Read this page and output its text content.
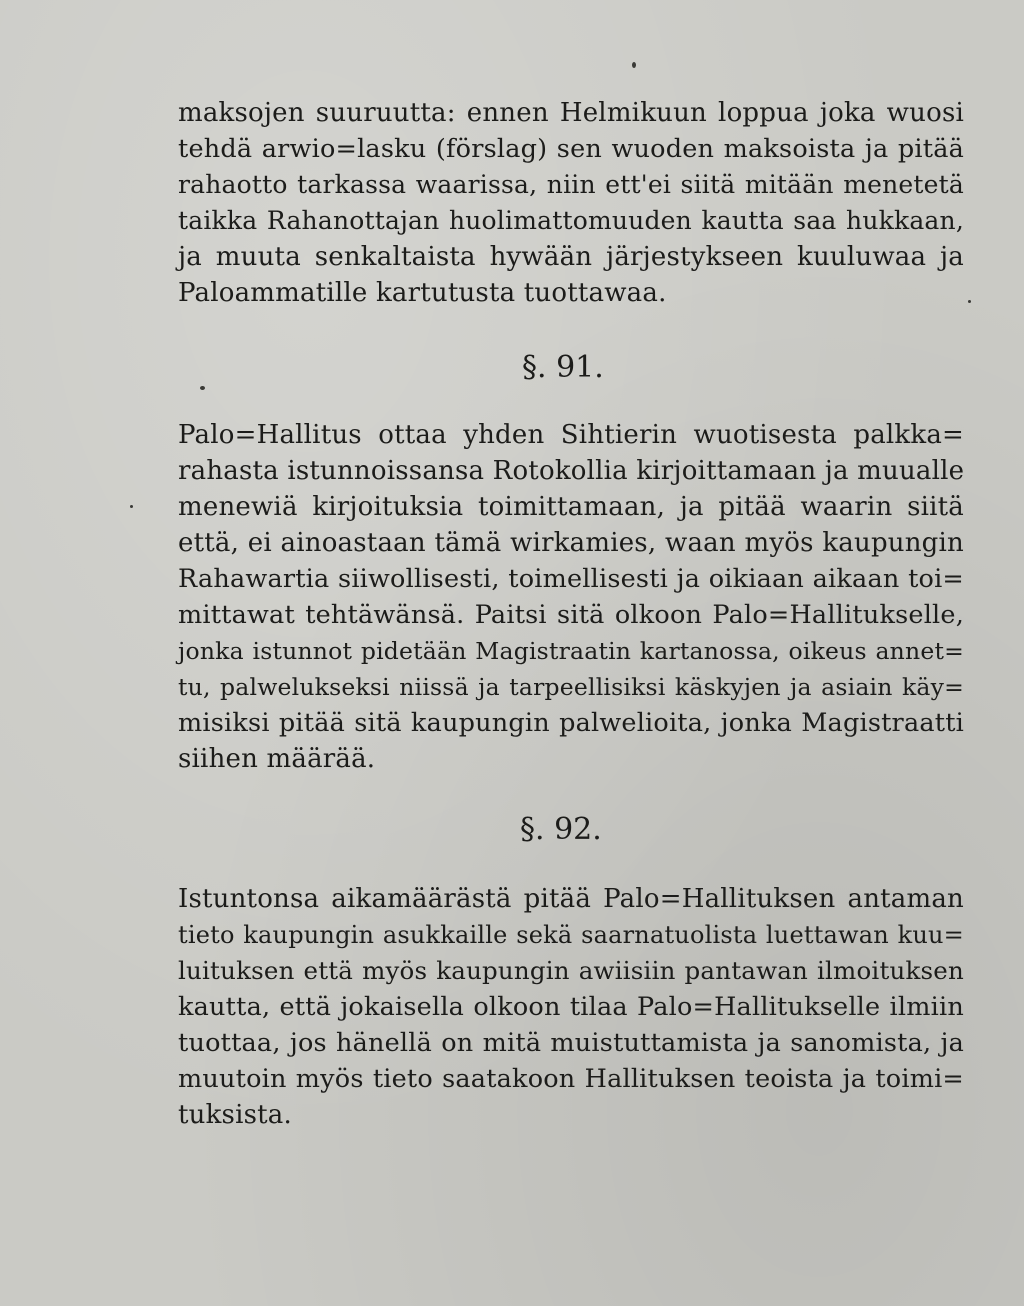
maksojen suuruutta: ennen Helmikuun loppua joka wuosi
tehdä arwio=lasku (förslag) sen wuoden maksoista ja pitää
rahaotto tarkassa waarissa, niin ett'ei siitä mitään menetetä
taikka Rahanottajan huolimattomuuden kautta saa hukkaan,
ja muuta senkaltaista hywään järjestykseen kuuluwaa ja
Paloammatille kartutusta tuottawaa.
§. 91.
Palo=Hallitus ottaa yhden Sihtierin wuotisesta palkka=
rahasta istunnoissansa Rotokollia kirjoittamaan ja muualle
menewiä kirjoituksia toimittamaan, ja pitää waarin siitä
että, ei ainoastaan tämä wirkamies, waan myös kaupungin
Rahawartia siiwollisesti, toimellisesti ja oikiaan aikaan toi=
mittawat tehtäwänsä. Paitsi sitä olkoon Palo=Hallitukselle,
jonka istunnot pidetään Magistraatin kartanossa, oikeus annet=
tu, palwelukseksi niissä ja tarpeellisiksi käskyjen ja asiain käy=
misiksi pitää sitä kaupungin palwelioita, jonka Magistraatti
siihen määrää.
§. 92.
Istuntonsa aikamäärästä pitää Palo=Hallituksen antaman
tieto kaupungin asukkaille sekä saarnatuolista luettawan kuu=
luituksen että myös kaupungin awiisiin pantawan ilmoituksen
kautta, että jokaisella olkoon tilaa Palo=Hallitukselle ilmiin
tuottaa, jos hänellä on mitä muistuttamista ja sanomista, ja
muutoin myös tieto saatakoon Hallituksen teoista ja toimi=
tuksista.
